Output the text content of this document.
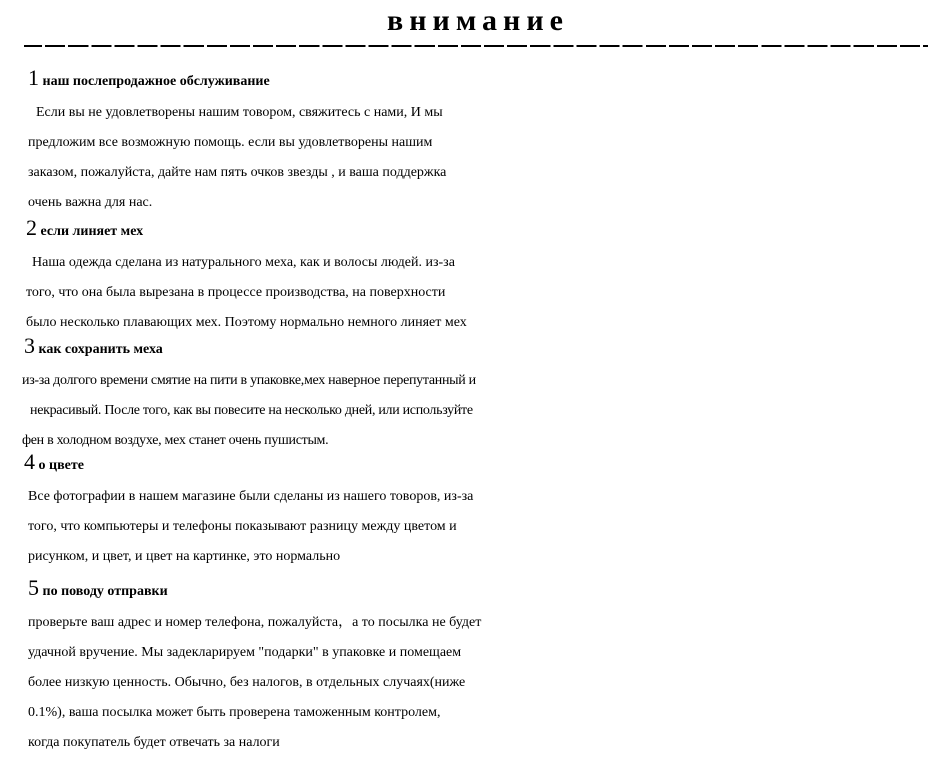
внимание
1 наш послепродажное обслуживание
Если вы не удовлетворены нашим товором, свяжитесь с нами, И мы
предложим все возможную помощь. если вы удовлетворены нашим
заказом, пожалуйста, дайте нам пять очков звезды , и ваша поддержка
очень важна для нас.
2 если линяет мех
Наша одежда сделана из натурального меха, как и волосы людей. из-за
того, что она была вырезана в процессе производства, на поверхности
было несколько плавающих мех. Поэтому нормально немного линяет мех
3 как сохранить меха
из-за долгого времени смятие на пити в упаковке,мех наверное перепутанный и
некрасивый. После того, как вы повесите на несколько дней, или используйте
фен в холодном воздухе, мех станет очень пушистым.
4 о цвете
Все фотографии в нашем магазине были сделаны из нашего товоров, из-за
того, что компьютеры и телефоны показывают разницу между цветом и
рисунком, и цвет, и цвет на картинке, это нормально
5 по поводу отправки
проверьте ваш адрес и номер телефона, пожалуйста，а то посылка не будет
удачной вручение. Мы задекларируем "подарки" в упаковке и помещаем
более низкую ценность. Обычно, без налогов, в отдельных случаях(ниже
0.1%), ваша посылка может быть проверена таможенным контролем,
когда покупатель будет отвечать за налоги
